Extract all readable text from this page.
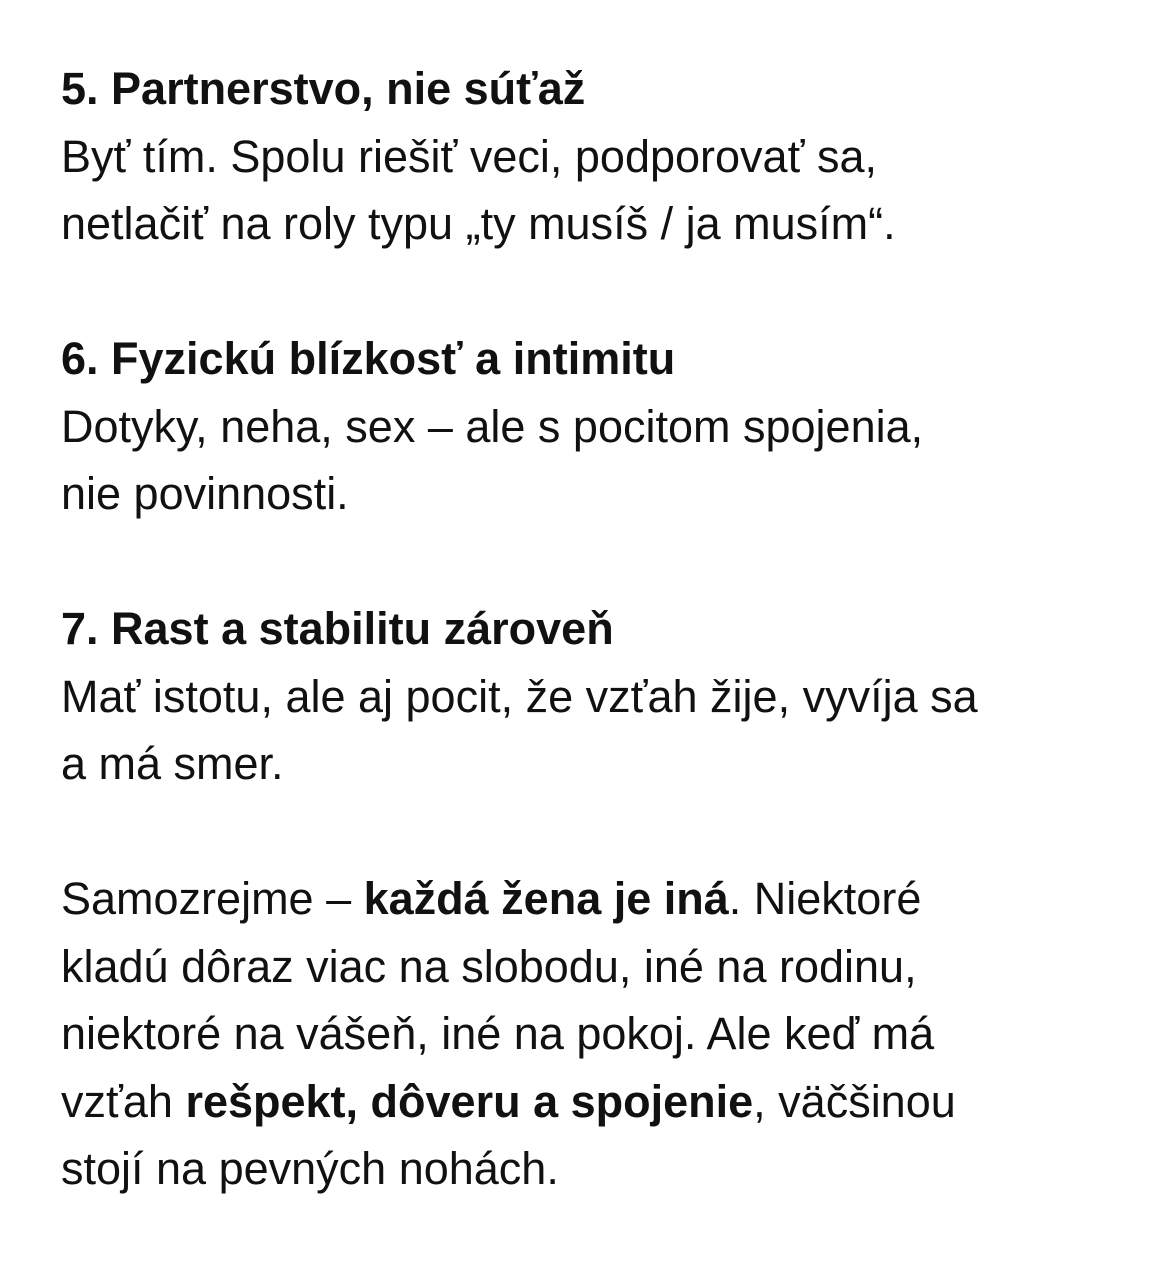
5. Partnerstvo, nie súťaž
Byť tím. Spolu riešiť veci, podporovať sa,
netlačiť na roly typu „ty musíš / ja musím“.
6. Fyzickú blízkosť a intimitu
Dotyky, neha, sex – ale s pocitom spojenia,
nie povinnosti.
7. Rast a stabilitu zároveň
Mať istotu, ale aj pocit, že vzťah žije, vyvíja sa
a má smer.
Samozrejme – každá žena je iná. Niektoré
kladú dôraz viac na slobodu, iné na rodinu,
niektoré na vášeň, iné na pokoj. Ale keď má
vzťah rešpekt, dôveru a spojenie, väčšinou
stojí na pevných nohách.
